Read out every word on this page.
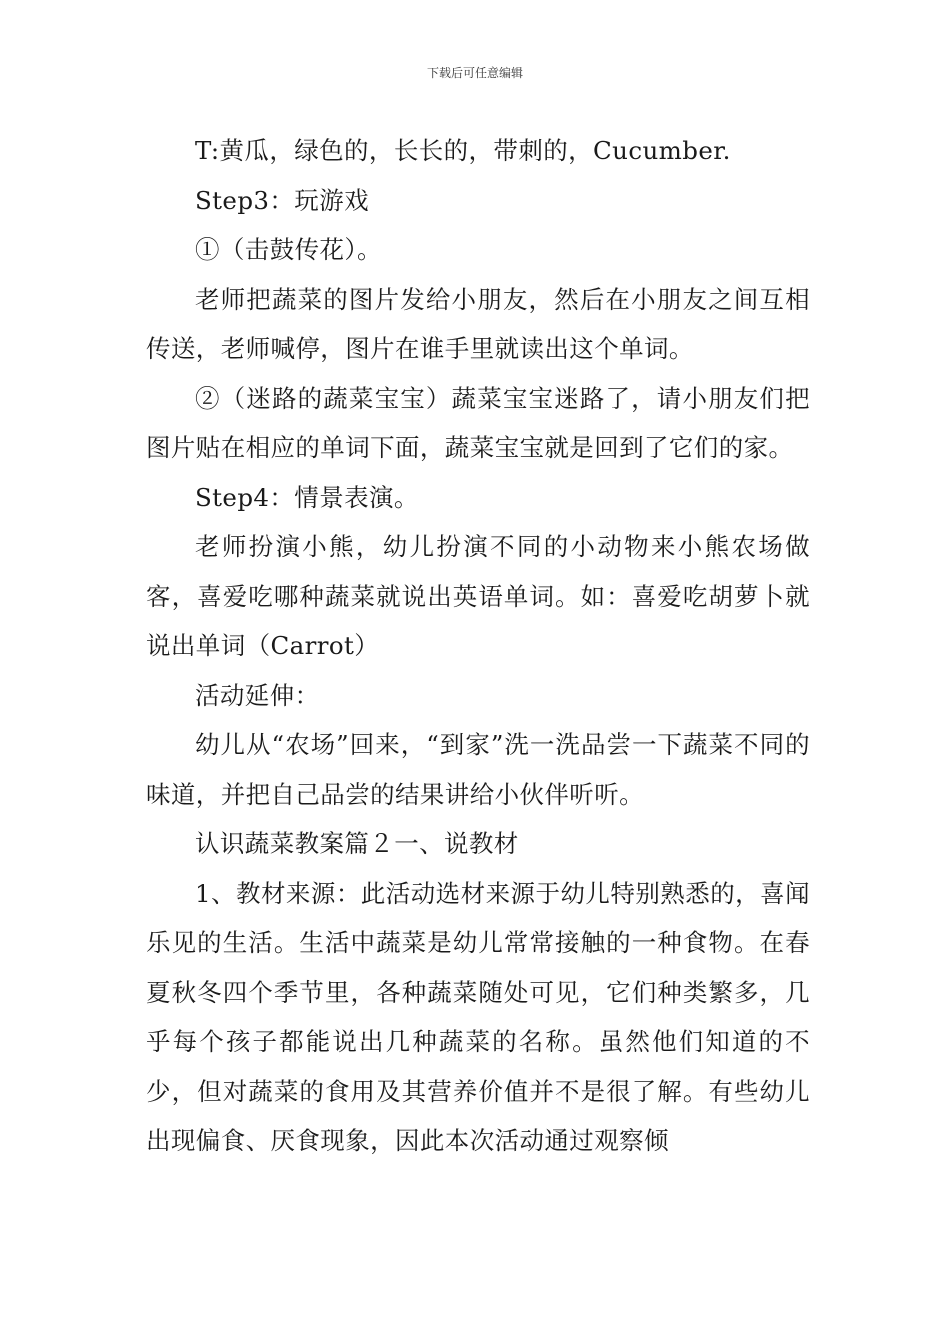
下载后可任意编辑

T:黄瓜，绿色的，长长的，带刺的，Cucumber.

Step3：玩游戏

①（击鼓传花）。

老师把蔬菜的图片发给小朋友，然后在小朋友之间互相传送，老师喊停，图片在谁手里就读出这个单词。

②（迷路的蔬菜宝宝）蔬菜宝宝迷路了，请小朋友们把图片贴在相应的单词下面，蔬菜宝宝就是回到了它们的家。

Step4：情景表演。

老师扮演小熊，幼儿扮演不同的小动物来小熊农场做客，喜爱吃哪种蔬菜就说出英语单词。如：喜爱吃胡萝卜就说出单词（Carrot）

活动延伸：

幼儿从“农场”回来，“到家”洗一洗品尝一下蔬菜不同的味道，并把自己品尝的结果讲给小伙伴听听。

认识蔬菜教案篇２一、说教材

1、教材来源：此活动选材来源于幼儿特别熟悉的，喜闻乐见的生活。生活中蔬菜是幼儿常常接触的一种食物。在春夏秋冬四个季节里，各种蔬菜随处可见，它们种类繁多，几乎每个孩子都能说出几种蔬菜的名称。虽然他们知道的不少，但对蔬菜的食用及其营养价值并不是很了解。有些幼儿出现偏食、厌食现象，因此本次活动通过观察倾
